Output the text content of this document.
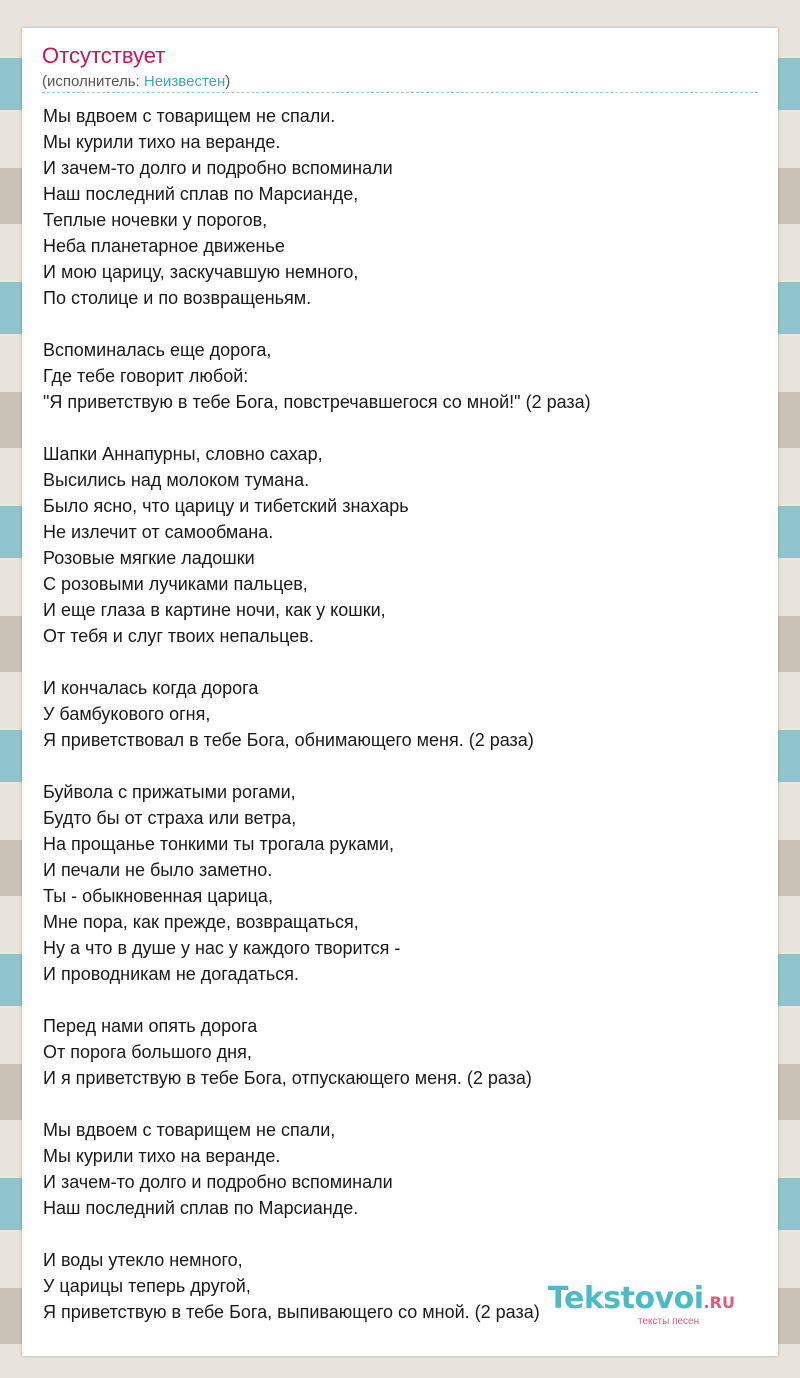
Отсутствует
(исполнитель: Неизвестен)
Мы вдвоем с товарищем не спали.
Мы курили тихо на веранде.
И зачем-то долго и подробно вспоминали
Наш последний сплав по Марсианде,
Теплые ночевки у порогов,
Неба планетарное движенье
И мою царицу, заскучавшую немного,
По столице и по возвращеньям.
Вспоминалась еще дорога,
Где тебе говорит любой:
"Я приветствую в тебе Бога, повстречавшегося со мной!" (2 раза)
Шапки Аннапурны, словно сахар,
Высились над молоком тумана.
Было ясно, что царицу и тибетский знахарь
Не излечит от самообмана.
Розовые мягкие ладошки
С розовыми лучиками пальцев,
И еще глаза в картине ночи, как у кошки,
От тебя и слуг твоих непальцев.
И кончалась когда дорога
У бамбукового огня,
Я приветствовал в тебе Бога, обнимающего меня. (2 раза)
Буйвола с прижатыми рогами,
Будто бы от страха или ветра,
На прощанье тонкими ты трогала руками,
И печали не было заметно.
Ты - обыкновенная царица,
Мне пора, как прежде, возвращаться,
Ну а что в душе у нас у каждого творится -
И проводникам не догадаться.
Перед нами опять дорога
От порога большого дня,
И я приветствую в тебе Бога, отпускающего меня. (2 раза)
Мы вдвоем с товарищем не спали,
Мы курили тихо на веранде.
И зачем-то долго и подробно вспоминали
Наш последний сплав по Марсианде.
И воды утекло немного,
У царицы теперь другой,
Я приветствую в тебе Бога, выпивающего со мной. (2 раза) Tekstovoi.RU
тексты песен
